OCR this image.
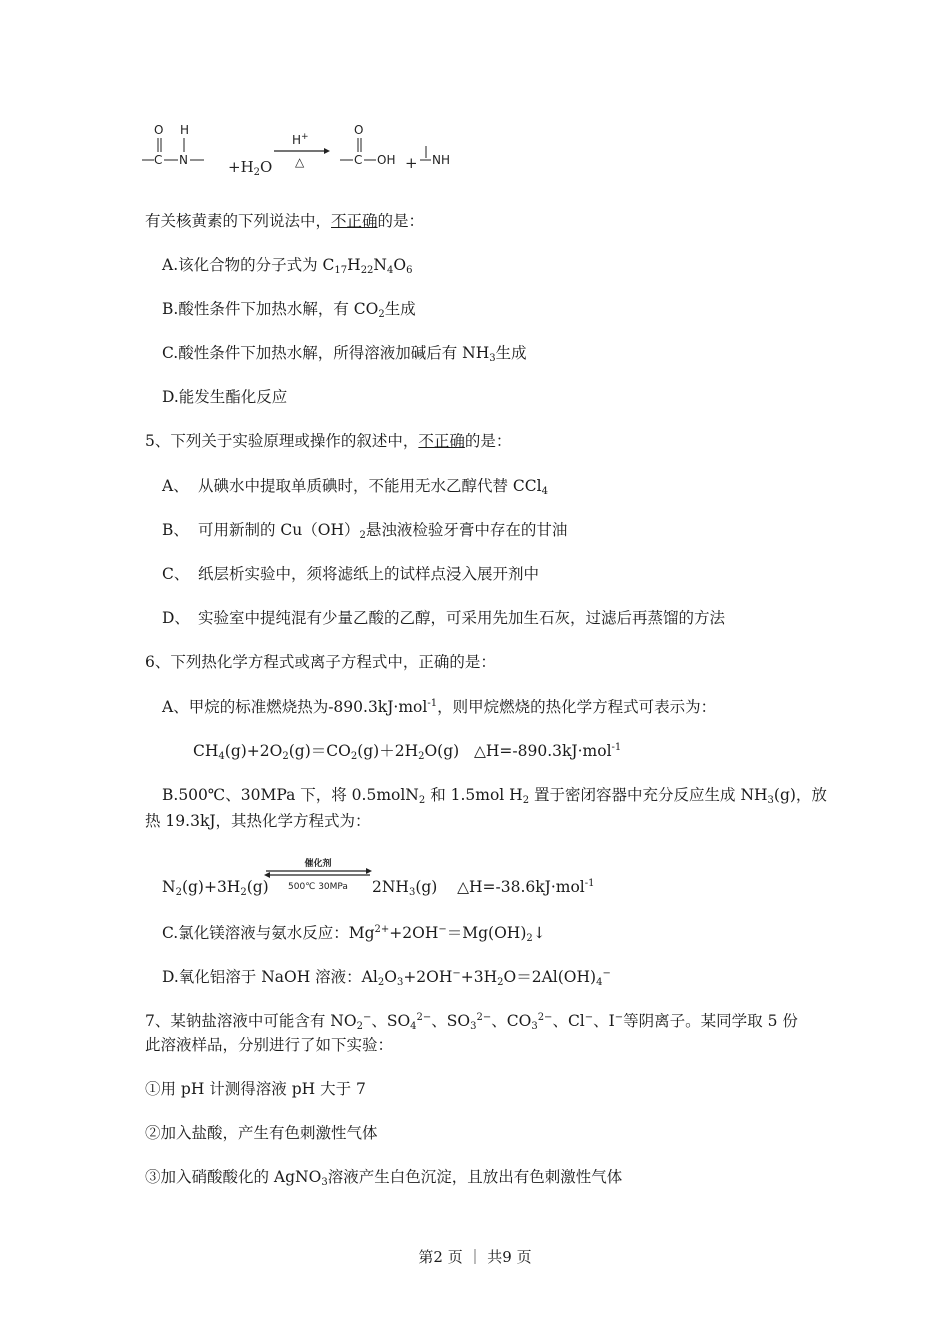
O H
C N	$+H_2O$
H+
△
O
C OH + NH
有关核黄素的下列说法中，不正确的是：
A.该化合物的分子式为 $C_{17}H_{22}N_4O_6$
B.酸性条件下加热水解，有 $CO_2$生成
C.酸性条件下加热水解，所得溶液加碱后有 $NH_3$生成
D.能发生酯化反应
5、下列关于实验原理或操作的叙述中，不正确的是：
A、 从碘水中提取单质碘时，不能用无水乙醇代替 CCl$_4$
B、 可用新制的 $Cu(OH)_2$悬浊液检验牙膏中存在的甘油
C、 纸层析实验中，须将滤纸上的试样点浸入展开剂中
D、 实验室中提纯混有少量乙酸的乙醇，可采用先加生石灰，过滤后再蒸馏的方法
6、下列热化学方程式或离子方程式中，正确的是：
A、甲烷的标准燃烧热为-890.3kJ·mol$^{-1}$，则甲烷燃烧的热化学方程式可表示为：
$CH_4(g)+2O_2(g)=CO_2(g)+2H_2O(g)$   △H=-890.3kJ·mol$^{-1}$
B.500℃、30MPa 下，将 0.5molN$_2$ 和 1.5mol $H_2$ 置于密闭容器中充分反应生成 $NH_3(g)$，放
热 19.3kJ，其热化学方程式为：
$N_2(g)+3H_2(g)$
催化剂
500℃ 30MPa $2NH_3(g)$    △H=-38.6kJ·mol$^{-1}$
C.氯化镁溶液与氨水反应：$Mg^{2+}+2OH^-=Mg(OH)_2↓$
D.氧化铝溶于 NaOH 溶液：$Al_2O_3+2OH^-+3H_2O=2Al(OH)_4^-$
7、某钠盐溶液中可能含有 $NO_2^-$、$SO_4^{2-}$、$SO_3^{2-}$、$CO_3^{2-}$、Cl−、I−等阴离子。某同学取 5 份
此溶液样品，分别进行了如下实验：
①用 pH 计测得溶液 pH 大于 7
②加入盐酸，产生有色刺激性气体
③加入硝酸酸化的 AgNO$_3$溶液产生白色沉淀，且放出有色刺激性气体
第2 页 ｜ 共9 页
